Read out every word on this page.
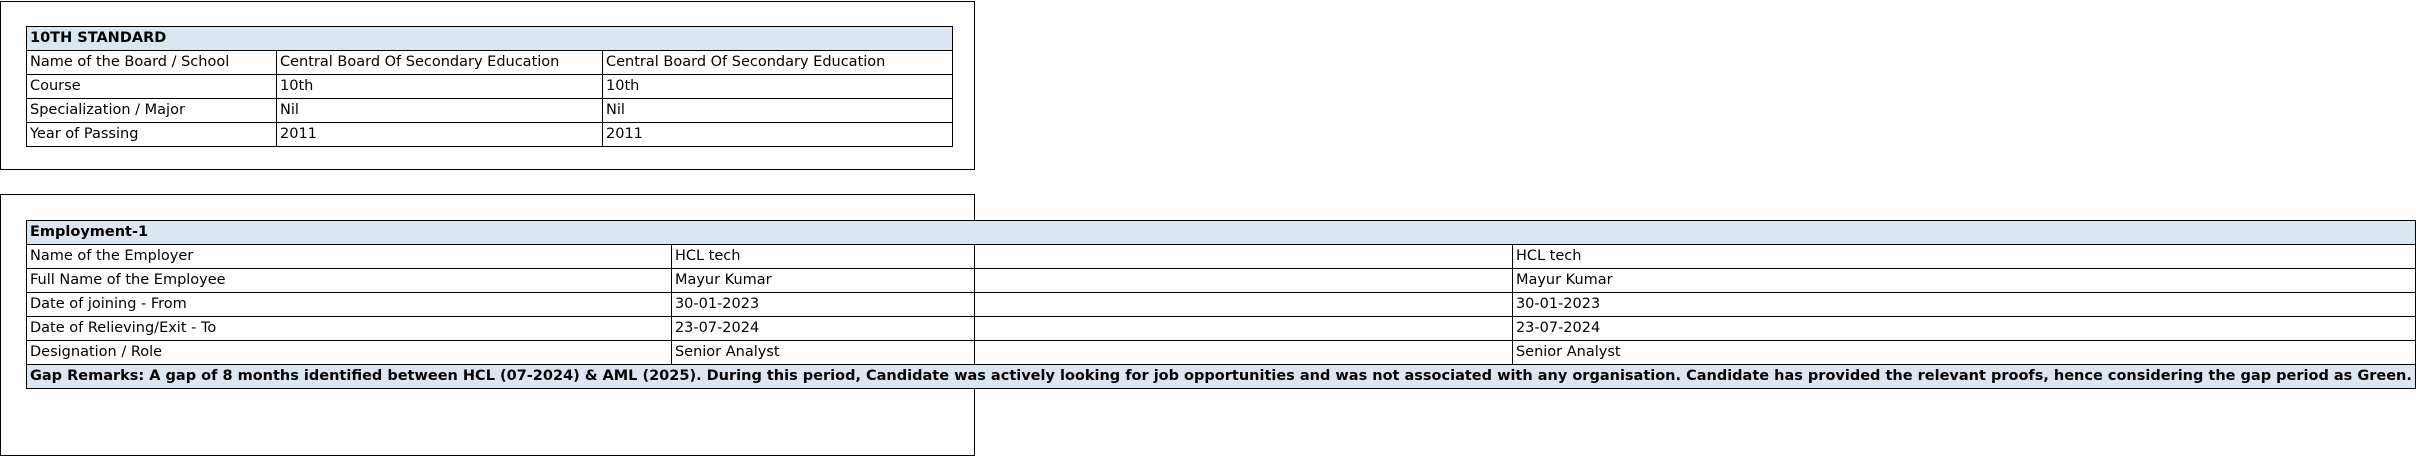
10TH STANDARD		
Name of the Board / School	Central Board Of Secondary Education	Central Board Of Secondary Education
Course	10th	10th
Specialization / Major	Nil	Nil
Year of Passing	2011	2011
Employment-1		
Name of the Employer	HCL tech	HCL tech
Full Name of the Employee	Mayur Kumar	Mayur Kumar
Date of joining - From	30-01-2023	30-01-2023
Date of Relieving/Exit - To	23-07-2024	23-07-2024
Designation / Role	Senior Analyst	Senior Analyst
Gap Remarks: A gap of 8 months identified between HCL (07-2024) & AML (2025). During this period, Candidate was actively looking for job opportunities and was not associated with any organisation. Candidate has provided the relevant proofs, hence considering the gap period as Green.		
